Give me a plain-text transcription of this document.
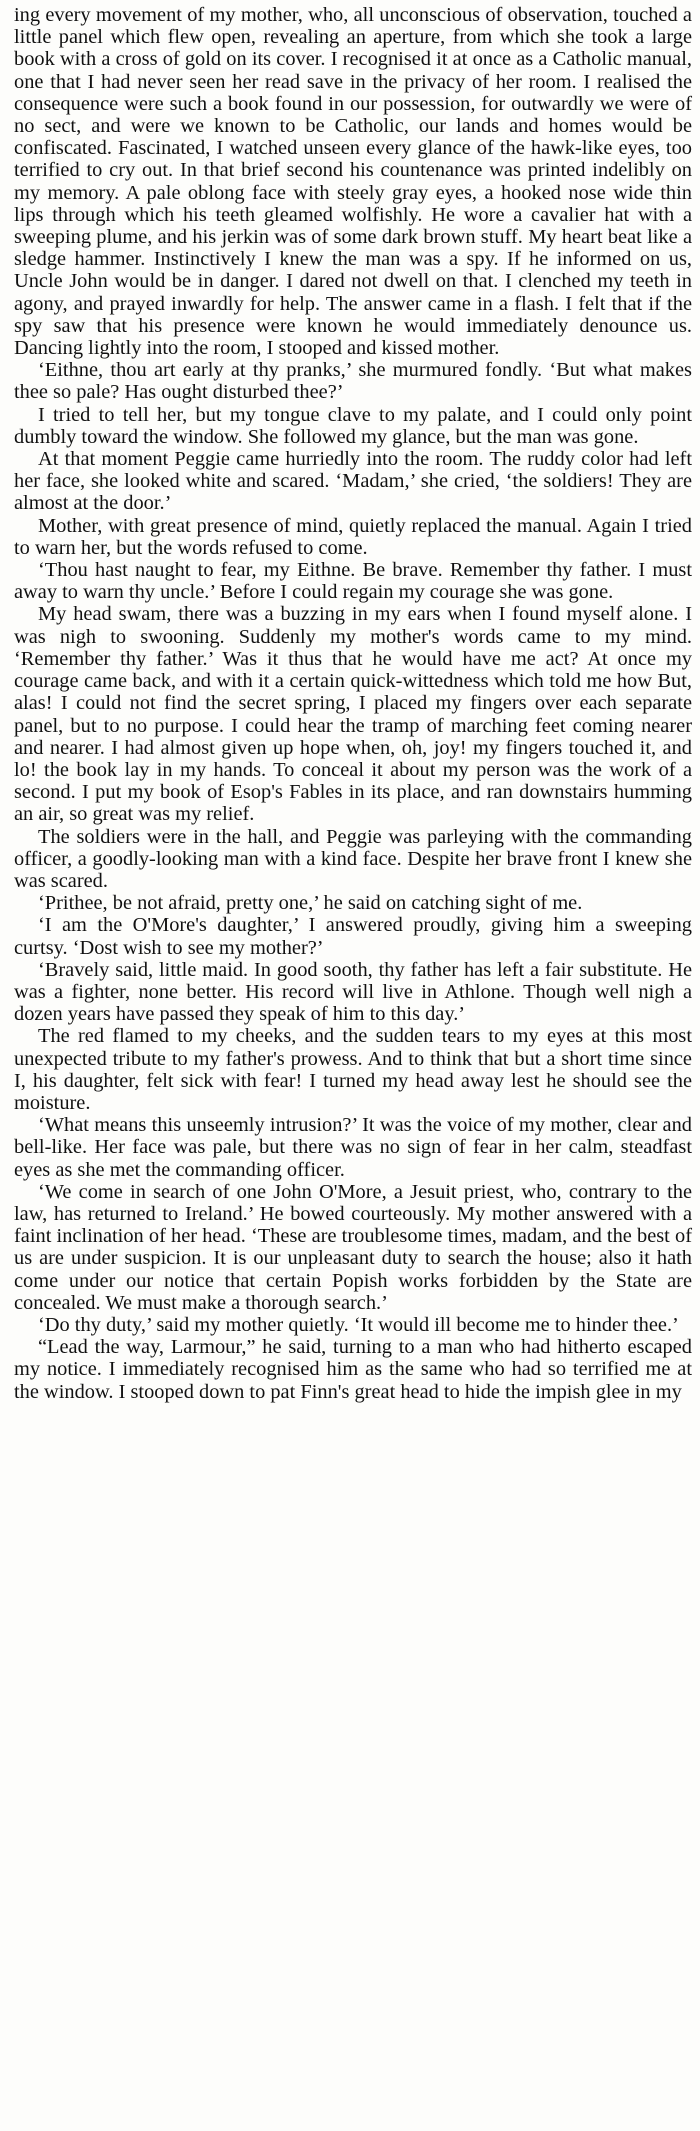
ing every movement of my mother, who, all unconscious of observation, touched a little panel which flew open, revealing an aperture, from which she took a large book with a cross of gold on its cover. I recognised it at once as a Catholic manual, one that I had never seen her read save in the privacy of her room. I realised the consequence were such a book found in our possession, for outwardly we were of no sect, and were we known to be Catholic, our lands and homes would be confiscated. Fascinated, I watched unseen every glance of the hawk-like eyes, too terrified to cry out. In that brief second his countenance was printed indelibly on my memory. A pale oblong face with steely gray eyes, a hooked nose wide thin lips through which his teeth gleamed wolfishly. He wore a cavalier hat with a sweeping plume, and his jerkin was of some dark brown stuff. My heart beat like a sledge hammer. Instinctively I knew the man was a spy. If he informed on us, Uncle John would be in danger. I dared not dwell on that. I clenched my teeth in agony, and prayed inwardly for help. The answer came in a flash. I felt that if the spy saw that his presence were known he would immediately denounce us. Dancing lightly into the room, I stooped and kissed mother.

‘Eithne, thou art early at thy pranks,’ she murmured fondly. ‘But what makes thee so pale? Has ought disturbed thee?’

I tried to tell her, but my tongue clave to my palate, and I could only point dumbly toward the window. She followed my glance, but the man was gone.

At that moment Peggie came hurriedly into the room. The ruddy color had left her face, she looked white and scared. ‘Madam,’ she cried, ‘the soldiers! They are almost at the door.’

Mother, with great presence of mind, quietly replaced the manual. Again I tried to warn her, but the words refused to come.

‘Thou hast naught to fear, my Eithne. Be brave. Remember thy father. I must away to warn thy uncle.’ Before I could regain my courage she was gone.

My head swam, there was a buzzing in my ears when I found myself alone. I was nigh to swooning. Suddenly my mother's words came to my mind. ‘Remember thy father.’ Was it thus that he would have me act? At once my courage came back, and with it a certain quick-wittedness which told me how But, alas! I could not find the secret spring, I placed my fingers over each separate panel, but to no purpose. I could hear the tramp of marching feet coming nearer and nearer. I had almost given up hope when, oh, joy! my fingers touched it, and lo! the book lay in my hands. To conceal it about my person was the work of a second. I put my book of Esop's Fables in its place, and ran downstairs humming an air, so great was my relief.

The soldiers were in the hall, and Peggie was parleying with the commanding officer, a goodly-looking man with a kind face. Despite her brave front I knew she was scared.

‘Prithee, be not afraid, pretty one,’ he said on catching sight of me.

‘I am the O'More's daughter,’ I answered proudly, giving him a sweeping curtsy. ‘Dost wish to see my mother?’

‘Bravely said, little maid. In good sooth, thy father has left a fair substitute. He was a fighter, none better. His record will live in Athlone. Though well nigh a dozen years have passed they speak of him to this day.’

The red flamed to my cheeks, and the sudden tears to my eyes at this most unexpected tribute to my father's prowess. And to think that but a short time since I, his daughter, felt sick with fear! I turned my head away lest he should see the moisture.

‘What means this unseemly intrusion?’ It was the voice of my mother, clear and bell-like. Her face was pale, but there was no sign of fear in her calm, steadfast eyes as she met the commanding officer.

‘We come in search of one John O'More, a Jesuit priest, who, contrary to the law, has returned to Ireland.’ He bowed courteously. My mother answered with a faint inclination of her head. ‘These are troublesome times, madam, and the best of us are under suspicion. It is our unpleasant duty to search the house; also it hath come under our notice that certain Popish works forbidden by the State are concealed. We must make a thorough search.’

‘Do thy duty,’ said my mother quietly. ‘It would ill become me to hinder thee.’

“Lead the way, Larmour,” he said, turning to a man who had hitherto escaped my notice. I immediately recognised him as the same who had so terrified me at the window. I stooped down to pat Finn's great head to hide the impish glee in my
